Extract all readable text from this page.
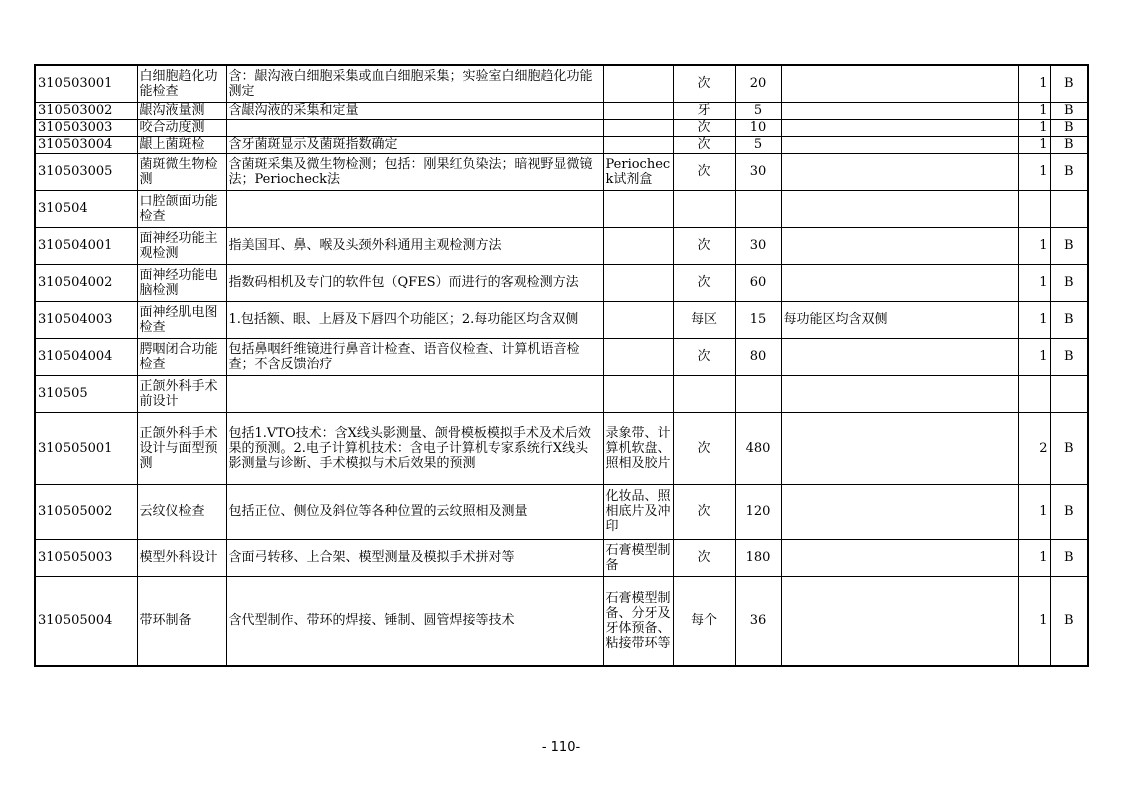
310503001	白细胞趋化功能检查	含：龈沟液白细胞采集或血白细胞采集；实验室白细胞趋化功能测定		次	20		1	B
310503002	龈沟液量测	含龈沟液的采集和定量		牙	5		1	B
310503003	咬合动度测			次	10		1	B
310503004	龈上菌斑检	含牙菌斑显示及菌斑指数确定		次	5		1	B
310503005	菌斑微生物检测	含菌斑采集及微生物检测；包括：刚果红负染法；暗视野显微镜法；Periocheck法	Periocheck试剂盒	次	30		1	B
310504	口腔颌面功能检查							
310504001	面神经功能主观检测	指美国耳、鼻、喉及头颈外科通用主观检测方法		次	30		1	B
310504002	面神经功能电脑检测	指数码相机及专门的软件包（QFES）而进行的客观检测方法		次	60		1	B
310504003	面神经肌电图检查	1.包括额、眼、上唇及下唇四个功能区；2.每功能区均含双侧		每区	15	每功能区均含双侧	1	B
310504004	腭咽闭合功能检查	包括鼻咽纤维镜进行鼻音计检查、语音仪检查、计算机语音检查；不含反馈治疗		次	80		1	B
310505	正颌外科手术前设计							
310505001	正颌外科手术设计与面型预测	包括1.VTO技术：含X线头影测量、颌骨模板模拟手术及术后效果的预测。2.电子计算机技术：含电子计算机专家系统行X线头影测量与诊断、手术模拟与术后效果的预测	录象带、计算机软盘、照相及胶片	次	480		2	B
310505002	云纹仪检查	包括正位、侧位及斜位等各种位置的云纹照相及测量	化妆品、照相底片及冲印	次	120		1	B
310505003	模型外科设计	含面弓转移、上合架、模型测量及模拟手术拼对等	石膏模型制备	次	180		1	B
310505004	带环制备	含代型制作、带环的焊接、锤制、圆管焊接等技术	石膏模型制备、分牙及牙体预备、粘接带环等	每个	36		1	B
- 110-
